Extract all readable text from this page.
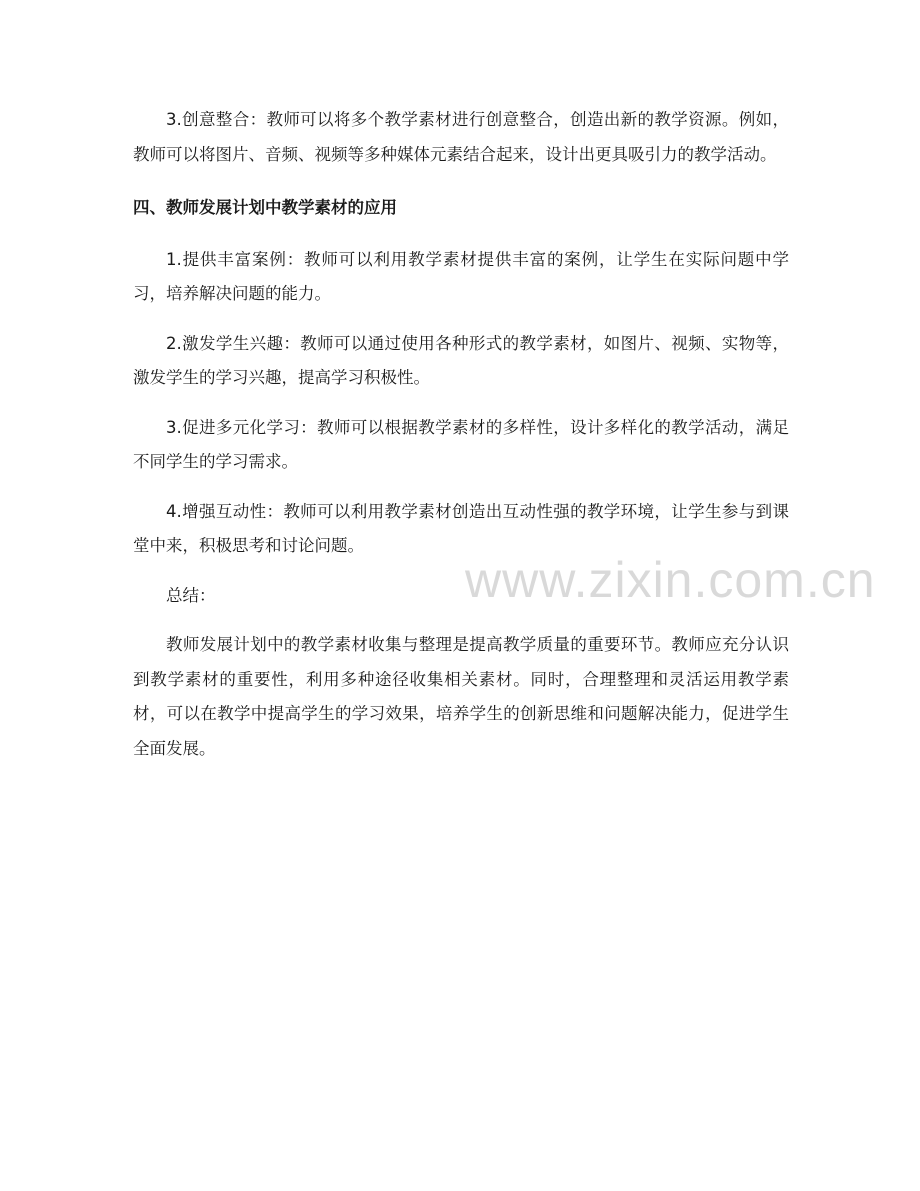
www.zixin.com.cn

3.创意整合：教师可以将多个教学素材进行创意整合，创造出新的教学资源。例如，教师可以将图片、音频、视频等多种媒体元素结合起来，设计出更具吸引力的教学活动。

四、教师发展计划中教学素材的应用

1.提供丰富案例：教师可以利用教学素材提供丰富的案例，让学生在实际问题中学习，培养解决问题的能力。

2.激发学生兴趣：教师可以通过使用各种形式的教学素材，如图片、视频、实物等，激发学生的学习兴趣，提高学习积极性。

3.促进多元化学习：教师可以根据教学素材的多样性，设计多样化的教学活动，满足不同学生的学习需求。

4.增强互动性：教师可以利用教学素材创造出互动性强的教学环境，让学生参与到课堂中来，积极思考和讨论问题。

总结：

教师发展计划中的教学素材收集与整理是提高教学质量的重要环节。教师应充分认识到教学素材的重要性，利用多种途径收集相关素材。同时，合理整理和灵活运用教学素材，可以在教学中提高学生的学习效果，培养学生的创新思维和问题解决能力，促进学生全面发展。
